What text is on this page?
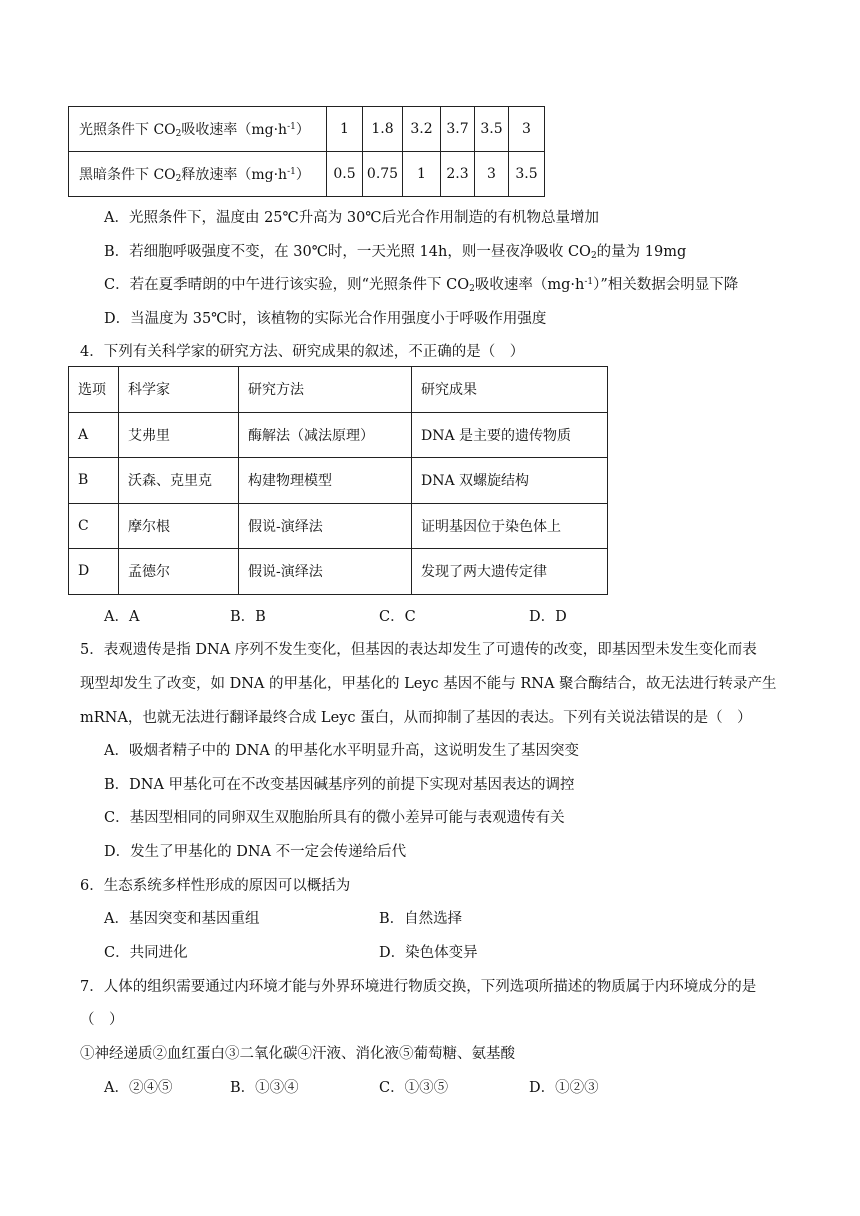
光照条件下 $CO_2$吸收速率$(mg\cdot h^{-1})$	1	1.8	3.2	3.7	3.5	3
黑暗条件下 $CO_2$释放速率$(mg\cdot h^{-1})$	0.5	0.75	1	2.3	3	3.5
A．光照条件下，温度由 25℃升高为 30℃后光合作用制造的有机物总量增加
B．若细胞呼吸强度不变，在 30℃时，一天光照 14h，则一昼夜净吸收 $CO_2$的量为 19mg
C．若在夏季晴朗的中午进行该实验，则“光照条件下 $CO_2$吸收速率$(mg\cdot h^{-1})$”相关数据会明显下降
D．当温度为 35℃时，该植物的实际光合作用强度小于呼吸作用强度
4．下列有关科学家的研究方法、研究成果的叙述，不正确的是（　）
选项	科学家	研究方法	研究成果
A	艾弗里	酶解法（减法原理）	DNA 是主要的遗传物质
B	沃森、克里克	构建物理模型	DNA 双螺旋结构
C	摩尔根	假说-演绎法	证明基因位于染色体上
D	孟德尔	假说-演绎法	发现了两大遗传定律
A．A	B．B	C．C	D．D
5．表观遗传是指 DNA 序列不发生变化，但基因的表达却发生了可遗传的改变，即基因型未发生变化而表
现型却发生了改变，如 DNA 的甲基化，甲基化的 Leyc 基因不能与 RNA 聚合酶结合，故无法进行转录产生
mRNA，也就无法进行翻译最终合成 Leyc 蛋白，从而抑制了基因的表达。下列有关说法错误的是（　）
A．吸烟者精子中的 DNA 的甲基化水平明显升高，这说明发生了基因突变
B．DNA 甲基化可在不改变基因碱基序列的前提下实现对基因表达的调控
C．基因型相同的同卵双生双胞胎所具有的微小差异可能与表观遗传有关
D．发生了甲基化的 DNA 不一定会传递给后代
6．生态系统多样性形成的原因可以概括为
A．基因突变和基因重组	B．自然选择
C．共同进化	D．染色体变异
7．人体的组织需要通过内环境才能与外界环境进行物质交换，下列选项所描述的物质属于内环境成分的是
（　）
①神经递质②血红蛋白③二氧化碳④汗液、消化液⑤葡萄糖、氨基酸
A．②④⑤	B．①③④	C．①③⑤	D．①②③
